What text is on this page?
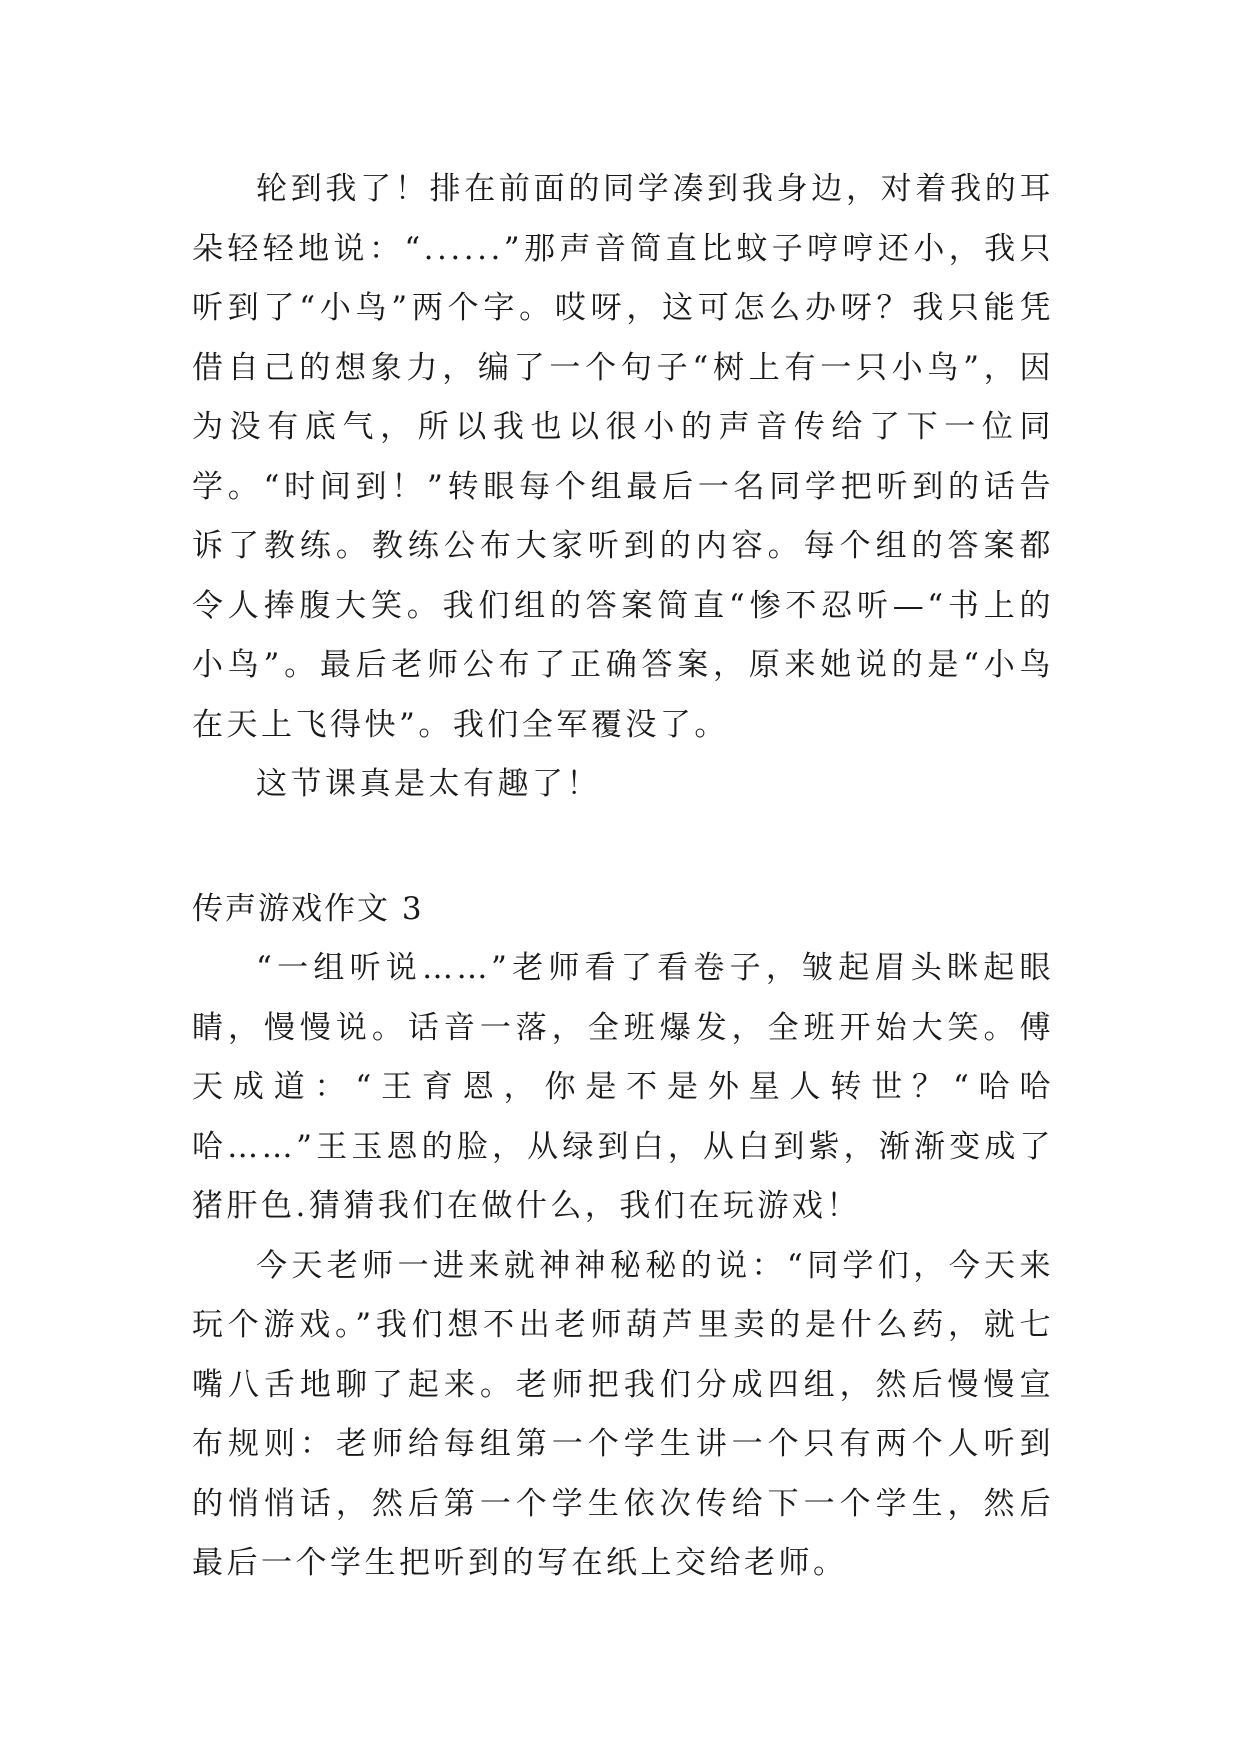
轮到我了！排在前面的同学凑到我身边，对着我的耳朵轻轻地说：“......”那声音简直比蚊子哼哼还小，我只听到了“小鸟”两个字。哎呀，这可怎么办呀？我只能凭借自己的想象力，编了一个句子“树上有一只小鸟”，因为没有底气，所以我也以很小的声音传给了下一位同学。“时间到！”转眼每个组最后一名同学把听到的话告诉了教练。教练公布大家听到的内容。每个组的答案都令人捧腹大笑。我们组的答案简直“惨不忍听—“书上的小鸟”。最后老师公布了正确答案，原来她说的是“小鸟在天上飞得快”。我们全军覆没了。

这节课真是太有趣了！

传声游戏作文 3

“一组听说……”老师看了看卷子，皱起眉头眯起眼睛，慢慢说。话音一落，全班爆发，全班开始大笑。傅天成道：“王育恩，你是不是外星人转世？“哈哈哈……”王玉恩的脸，从绿到白，从白到紫，渐渐变成了猪肝色.猜猜我们在做什么，我们在玩游戏！

今天老师一进来就神神秘秘的说：“同学们，今天来玩个游戏。”我们想不出老师葫芦里卖的是什么药，就七嘴八舌地聊了起来。老师把我们分成四组，然后慢慢宣布规则：老师给每组第一个学生讲一个只有两个人听到的悄悄话，然后第一个学生依次传给下一个学生，然后最后一个学生把听到的写在纸上交给老师。
